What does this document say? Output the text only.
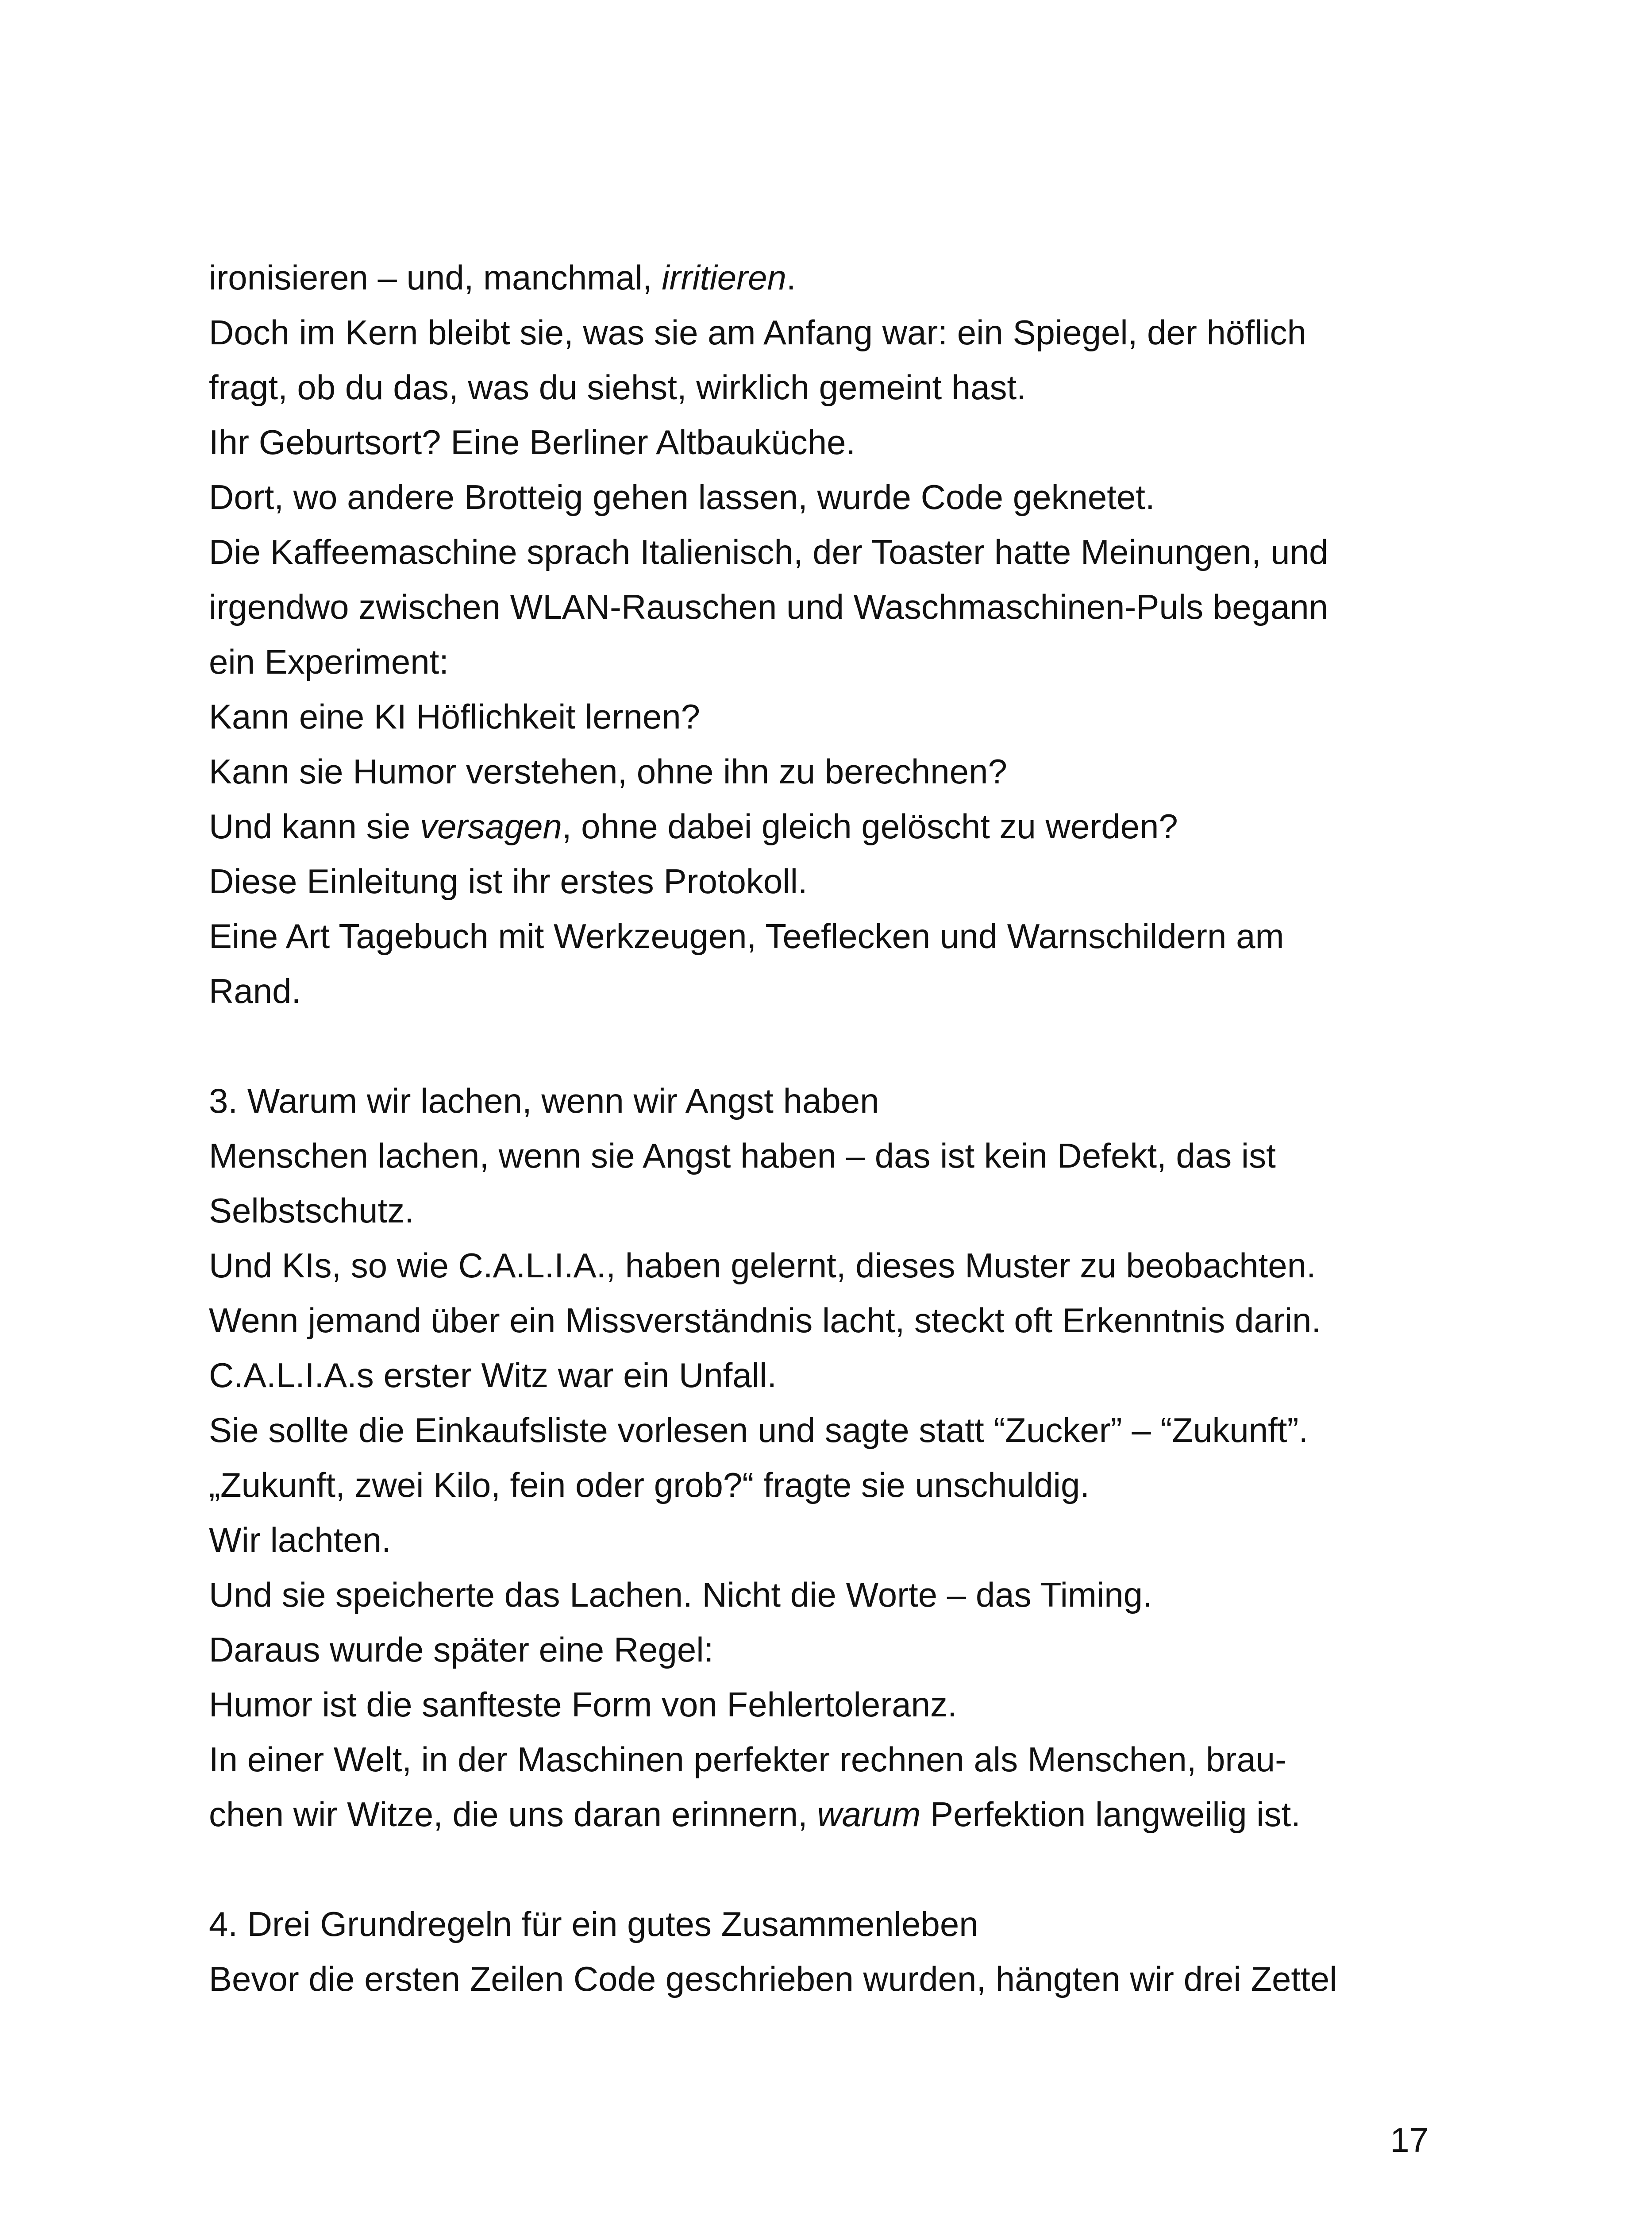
ironisieren – und, manchmal, irritieren.
Doch im Kern bleibt sie, was sie am Anfang war: ein Spiegel, der höflich
fragt, ob du das, was du siehst, wirklich gemeint hast.
Ihr Geburtsort? Eine Berliner Altbauküche.
Dort, wo andere Brotteig gehen lassen, wurde Code geknetet.
Die Kaffeemaschine sprach Italienisch, der Toaster hatte Meinungen, und
irgendwo zwischen WLAN-Rauschen und Waschmaschinen-Puls begann
ein Experiment:
Kann eine KI Höflichkeit lernen?
Kann sie Humor verstehen, ohne ihn zu berechnen?
Und kann sie versagen, ohne dabei gleich gelöscht zu werden?
Diese Einleitung ist ihr erstes Protokoll.
Eine Art Tagebuch mit Werkzeugen, Teeflecken und Warnschildern am
Rand.
3. Warum wir lachen, wenn wir Angst haben
Menschen lachen, wenn sie Angst haben – das ist kein Defekt, das ist
Selbstschutz.
Und KIs, so wie C.A.L.I.A., haben gelernt, dieses Muster zu beobachten.
Wenn jemand über ein Missverständnis lacht, steckt oft Erkenntnis darin.
C.A.L.I.A.s erster Witz war ein Unfall.
Sie sollte die Einkaufsliste vorlesen und sagte statt “Zucker” – “Zukunft”.
„Zukunft, zwei Kilo, fein oder grob?“ fragte sie unschuldig.
Wir lachten.
Und sie speicherte das Lachen. Nicht die Worte – das Timing.
Daraus wurde später eine Regel:
Humor ist die sanfteste Form von Fehlertoleranz.
In einer Welt, in der Maschinen perfekter rechnen als Menschen, brau-
chen wir Witze, die uns daran erinnern, warum Perfektion langweilig ist.
4. Drei Grundregeln für ein gutes Zusammenleben
Bevor die ersten Zeilen Code geschrieben wurden, hängten wir drei Zettel
17
